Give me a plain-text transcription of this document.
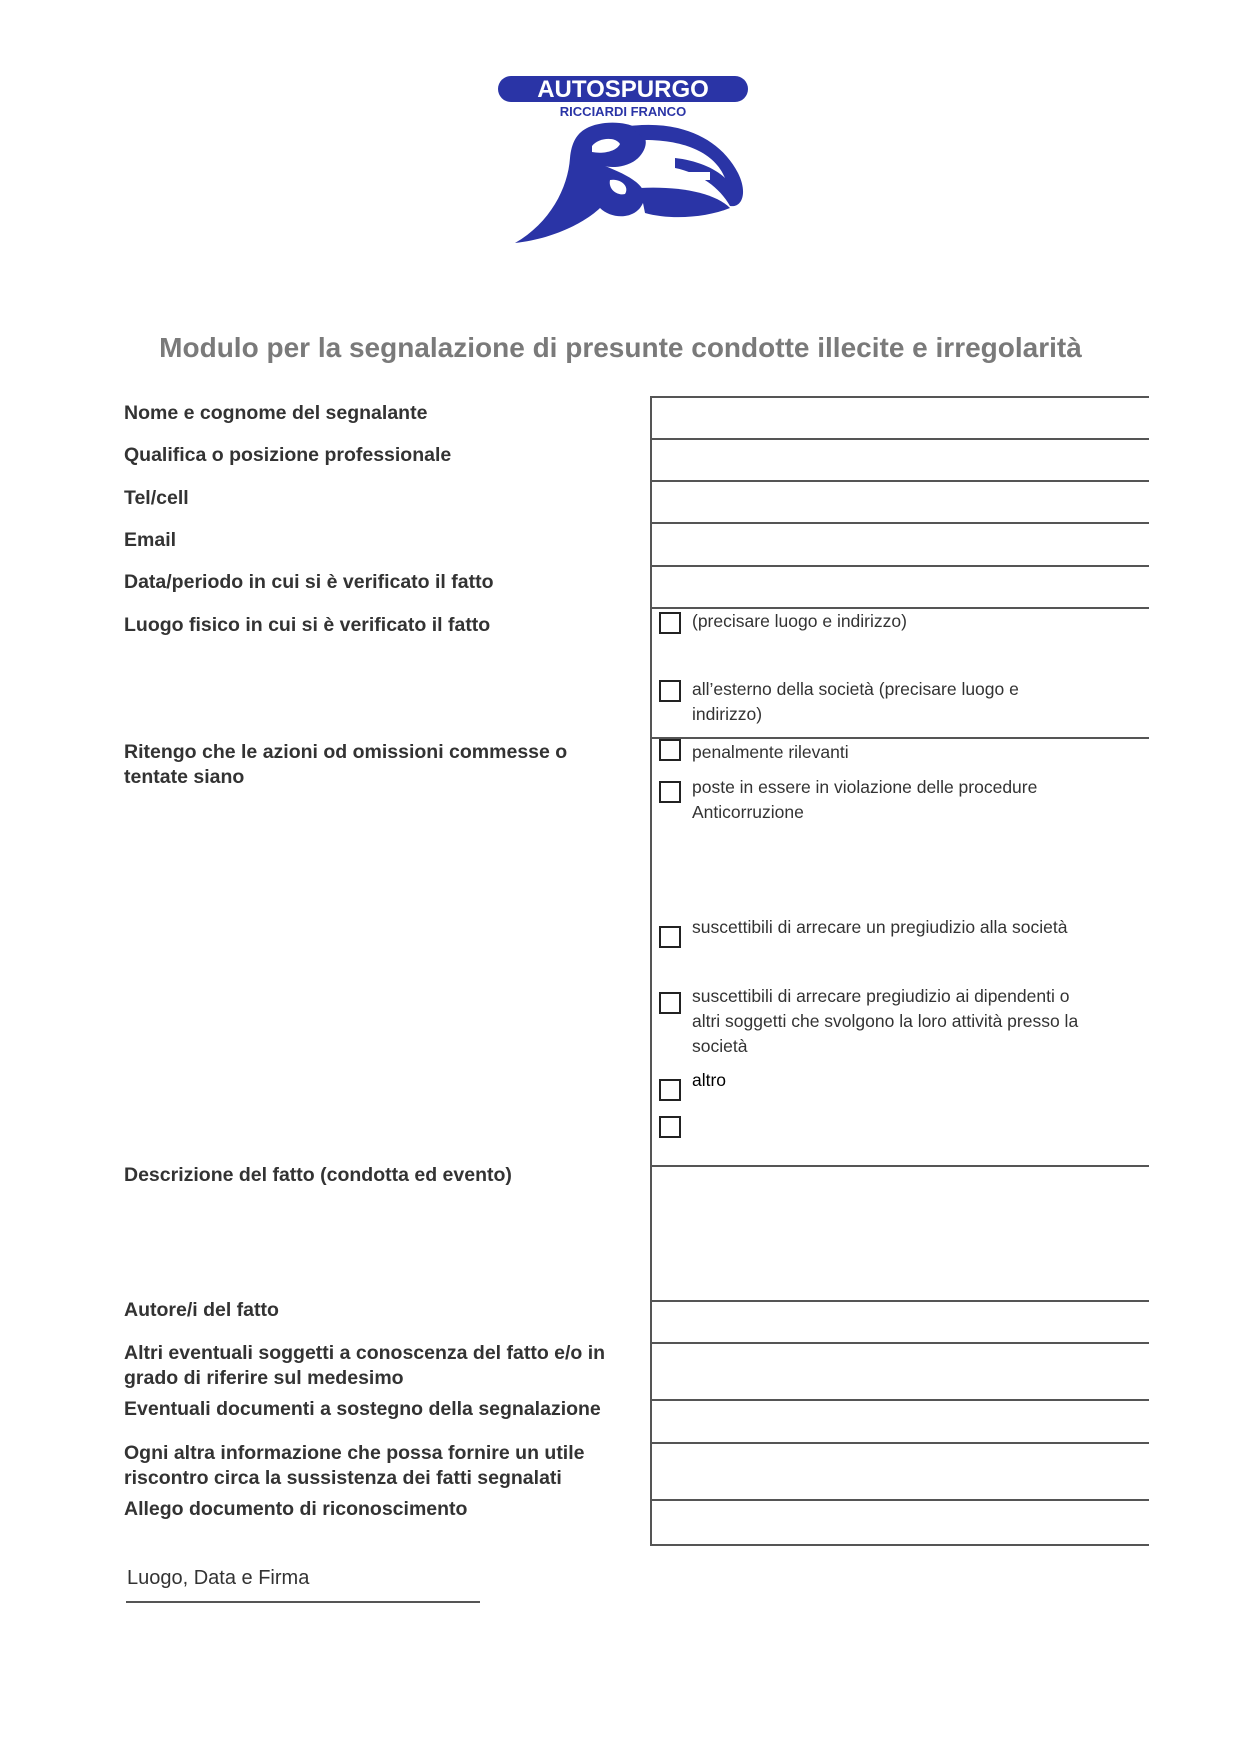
AUTOSPURGO
RICCIARDI FRANCO
Modulo per la segnalazione di presunte condotte illecite e irregolarità
Nome e cognome del segnalante
Qualifica o posizione professionale
Tel/cell
Email
Data/periodo in cui si è verificato il fatto
Luogo fisico in cui si è verificato il fatto
Ritengo che le azioni od omissioni commesse o
tentate siano
Descrizione del fatto (condotta ed evento)
Autore/i del fatto
Altri eventuali soggetti a conoscenza del fatto e/o in
grado di riferire sul medesimo
Eventuali documenti a sostegno della segnalazione
Ogni altra informazione che possa fornire un utile
riscontro circa la sussistenza dei fatti segnalati
Allego documento di riconoscimento
(precisare luogo e indirizzo)
all’esterno della società (precisare luogo e
indirizzo)
penalmente rilevanti
poste in essere in violazione delle procedure
Anticorruzione
suscettibili di arrecare un pregiudizio alla società
suscettibili di arrecare pregiudizio ai dipendenti o
altri soggetti che svolgono la loro attività presso la
società
altro
Luogo, Data e Firma
